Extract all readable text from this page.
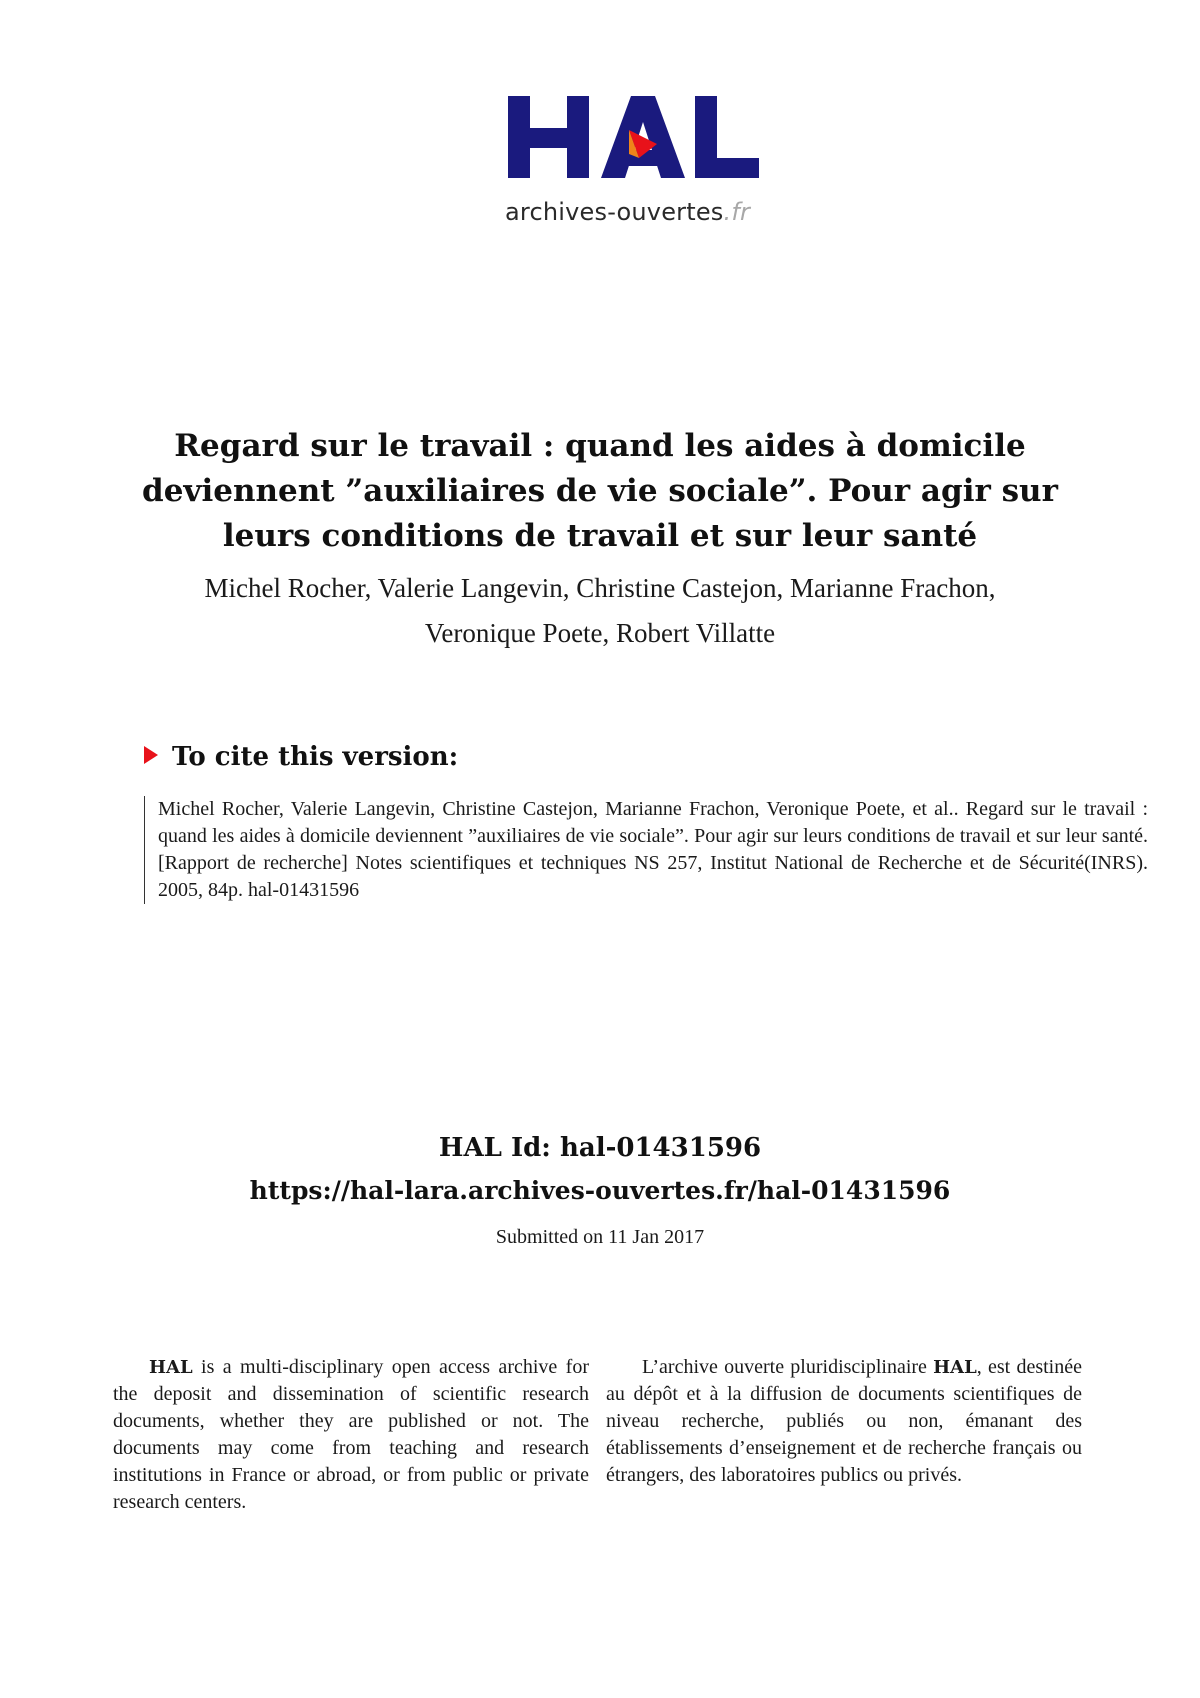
archives-ouvertes.fr
Regard sur le travail : quand les aides à domicile
deviennent ”auxiliaires de vie sociale”. Pour agir sur
leurs conditions de travail et sur leur santé
Michel Rocher, Valerie Langevin, Christine Castejon, Marianne Frachon,
Veronique Poete, Robert Villatte
To cite this version:
Michel Rocher, Valerie Langevin, Christine Castejon, Marianne Frachon, Veronique Poete, et al.. Regard sur le travail : quand les aides à domicile deviennent ”auxiliaires de vie sociale”. Pour agir sur leurs conditions de travail et sur leur santé. [Rapport de recherche] Notes scientifiques et techniques NS 257, Institut National de Recherche et de Sécurité(INRS). 2005, 84p. hal-01431596
HAL Id: hal-01431596
https://hal-lara.archives-ouvertes.fr/hal-01431596
Submitted on 11 Jan 2017
HAL is a multi-disciplinary open access archive for the deposit and dissemination of scientific research documents, whether they are published or not. The documents may come from teaching and research institutions in France or abroad, or from public or private research centers.
L’archive ouverte pluridisciplinaire HAL, est destinée au dépôt et à la diffusion de documents scientifiques de niveau recherche, publiés ou non, émanant des établissements d’enseignement et de recherche français ou étrangers, des laboratoires publics ou privés.
